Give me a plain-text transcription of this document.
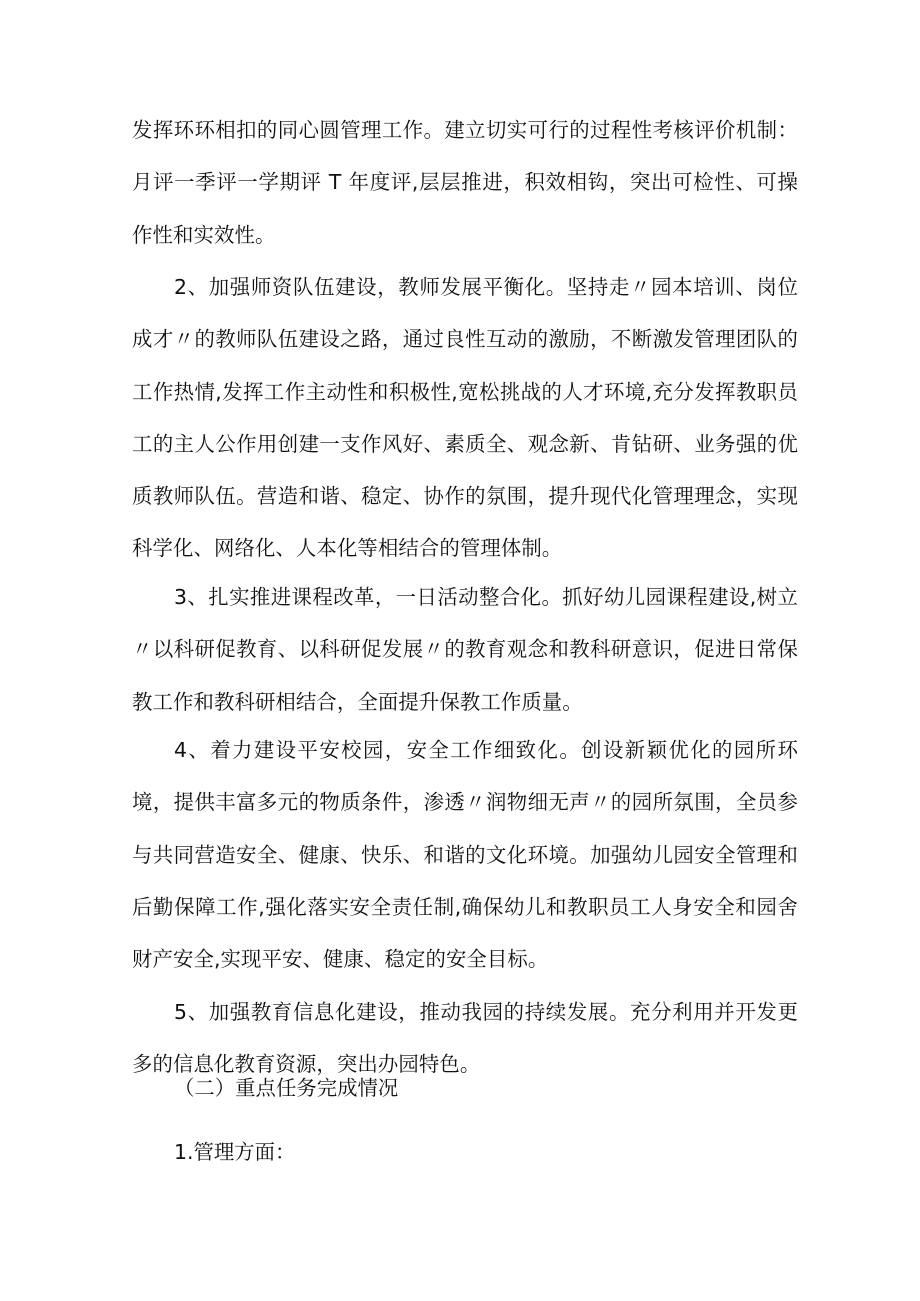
发挥环环相扣的同心圆管理工作。建立切实可行的过程性考核评价机制：月评一季评一学期评 T 年度评,层层推进，积效相钩，突出可检性、可操作性和实效性。

2、加强师资队伍建设，教师发展平衡化。坚持走〃园本培训、岗位成才〃的教师队伍建设之路，通过良性互动的激励，不断激发管理团队的工作热情,发挥工作主动性和积极性,宽松挑战的人才环境,充分发挥教职员工的主人公作用创建一支作风好、素质全、观念新、肯钻研、业务强的优质教师队伍。营造和谐、稳定、协作的氛围，提升现代化管理理念，实现科学化、网络化、人本化等相结合的管理体制。

3、扎实推进课程改革，一日活动整合化。抓好幼儿园课程建设,树立〃以科研促教育、以科研促发展〃的教育观念和教科研意识，促进日常保教工作和教科研相结合，全面提升保教工作质量。

4、着力建设平安校园，安全工作细致化。创设新颖优化的园所环境，提供丰富多元的物质条件，渗透〃润物细无声〃的园所氛围，全员参与共同营造安全、健康、快乐、和谐的文化环境。加强幼儿园安全管理和后勤保障工作,强化落实安全责任制,确保幼儿和教职员工人身安全和园舍财产安全,实现平安、健康、稳定的安全目标。

5、加强教育信息化建设，推动我园的持续发展。充分利用并开发更多的信息化教育资源，突出办园特色。

（二）重点任务完成情况

1.管理方面：
